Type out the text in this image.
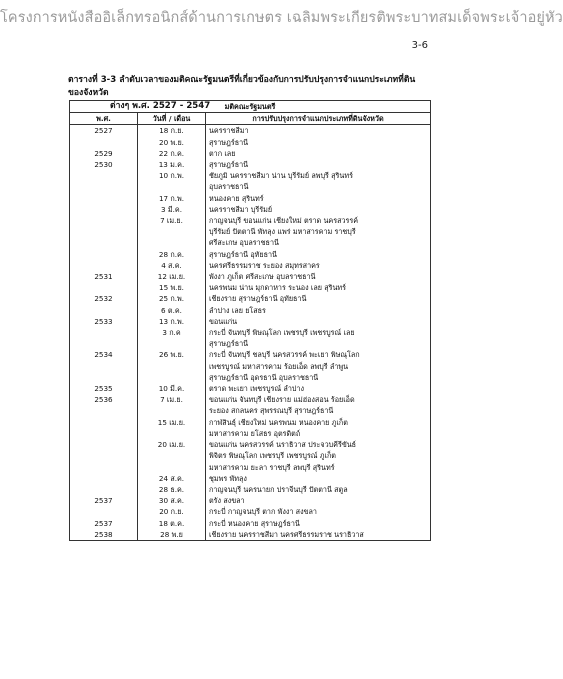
โครงการหนังสืออิเล็กทรอนิกส์ด้านการเกษตร เฉลิมพระเกียรติพระบาทสมเด็จพระเจ้าอยู่หัว
3-6
ตารางที่ 3-3 ลำดับเวลาของมติคณะรัฐมนตรีที่เกี่ยวข้องกับการปรับปรุงการจำแนกประเภทที่ดิน ของจังหวัด
ต่างๆ พ.ศ. 2527 - 2547	มติคณะรัฐมนตรี		
พ.ศ.	วันที่ / เดือน	การปรับปรุงการจำแนกประเภทที่ดินจังหวัด
2527	18 ก.ย.	นครราชสีมา

	20 พ.ย.	สุราษฎร์ธานี

2529	22 ก.ค.	ตาก เลย

2530	13 ม.ค.	สุราษฎร์ธานี

	10 ก.พ.	ชัยภูมิ นครราชสีมา น่าน บุรีรัมย์ ลพบุรี สุรินทร์
อุบลราชธานี

	17 ก.พ.	หนองคาย สุรินทร์

	3 มี.ค.	นครราชสีมา บุรีรัมย์

	7 เม.ย.	กาญจนบุรี ขอนแก่น เชียงใหม่ ตราด นครสวรรค์
บุรีรัมย์ ปัตตานี พัทลุง แพร่ มหาสารคาม ราชบุรี
ศรีสะเกษ อุบลราชธานี

	28 ก.ค.	สุราษฎร์ธานี อุทัยธานี

	4 ส.ค.	นครศรีธรรมราช ระยอง สมุทรสาคร

2531	12 เม.ย.	พังงา ภูเก็ต ศรีสะเกษ อุบลราชธานี

	15 พ.ย.	นครพนม น่าน มุกดาหาร ระนอง เลย สุรินทร์

2532	25 ก.พ.	เชียงราย สุราษฎร์ธานี อุทัยธานี

	6 ต.ค.	ลำปาง เลย ยโสธร

2533	13 ก.พ.	ขอนแก่น

	3 ก.ค	กระบี่ จันทบุรี พิษณุโลก เพชรบุรี เพชรบูรณ์ เลย
สุราษฎร์ธานี

2534	26 พ.ย.	กระบี่ จันทบุรี ชลบุรี นครสวรรค์ พะเยา พิษณุโลก
เพชรบูรณ์ มหาสารคาม ร้อยเอ็ด ลพบุรี ลำพูน
สุราษฎร์ธานี อุดรธานี อุบลราชธานี

2535	10 มี.ค.	ตราด พะเยา เพชรบูรณ์ ลำปาง

2536	7 เม.ย.	ขอนแก่น จันทบุรี เชียงราย แม่ฮ่องสอน ร้อยเอ็ด
ระยอง สกลนคร สุพรรณบุรี สุราษฎร์ธานี

	15 เม.ย.	กาฬสินธุ์ เชียงใหม่ นครพนม หนองคาย ภูเก็ต
มหาสารคาม ยโสธร อุตรดิตถ์

	20 เม.ย.	ขอนแก่น นครสวรรค์ นราธิวาส ประจวบคีรีขันธ์
พิจิตร พิษณุโลก เพชรบุรี เพชรบูรณ์ ภูเก็ต
มหาสารคาม ยะลา ราชบุรี ลพบุรี สุรินทร์

	24 ส.ค.	ชุมพร พัทลุง

	28 ธ.ค.	กาญจนบุรี นครนายก ปราจีนบุรี ปัตตานี สตูล

2537	30 ส.ค.	ตรัง สงขลา

	20 ก.ย.	กระบี่ กาญจนบุรี ตาก พังงา สงขลา

2537	18 ต.ค.	กระบี่ หนองคาย สุราษฎร์ธานี

2538	28 พ.ย	เชียงราย นครราชสีมา นครศรีธรรมราช นราธิวาส
